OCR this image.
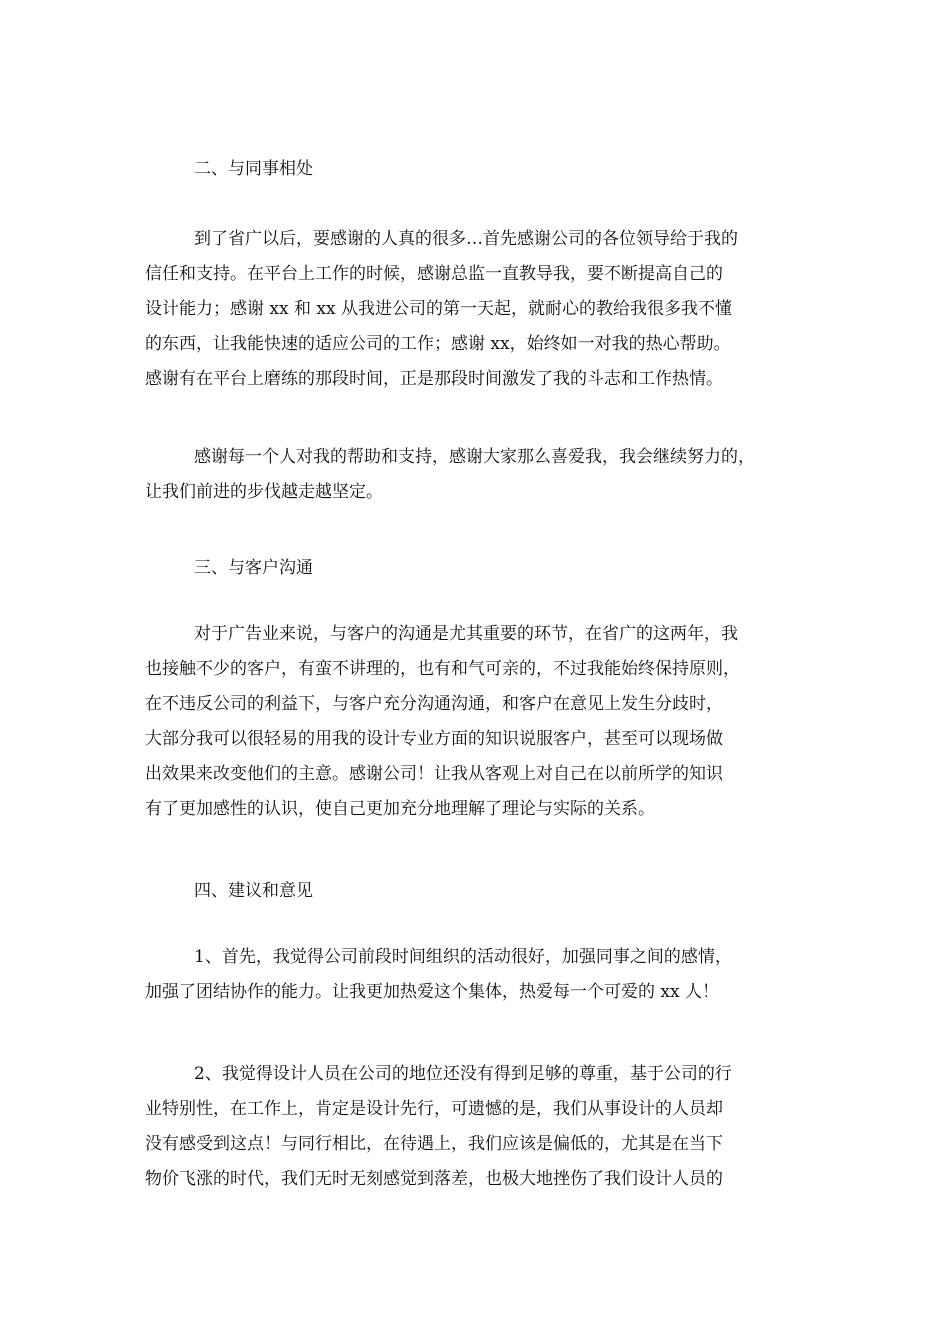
二、与同事相处
到了省广以后，要感谢的人真的很多…首先感谢公司的各位领导给于我的
信任和支持。在平台上工作的时候，感谢总监一直教导我，要不断提高自己的
设计能力；感谢 xx 和 xx 从我进公司的第一天起，就耐心的教给我很多我不懂
的东西，让我能快速的适应公司的工作；感谢 xx，始终如一对我的热心帮助。
感谢有在平台上磨练的那段时间，正是那段时间激发了我的斗志和工作热情。
感谢每一个人对我的帮助和支持，感谢大家那么喜爱我，我会继续努力的，
让我们前进的步伐越走越坚定。
三、与客户沟通
对于广告业来说，与客户的沟通是尤其重要的环节，在省广的这两年，我
也接触不少的客户，有蛮不讲理的，也有和气可亲的，不过我能始终保持原则，
在不违反公司的利益下，与客户充分沟通沟通，和客户在意见上发生分歧时，
大部分我可以很轻易的用我的设计专业方面的知识说服客户，甚至可以现场做
出效果来改变他们的主意。感谢公司！让我从客观上对自己在以前所学的知识
有了更加感性的认识，使自己更加充分地理解了理论与实际的关系。
四、建议和意见
1、首先，我觉得公司前段时间组织的活动很好，加强同事之间的感情，
加强了团结协作的能力。让我更加热爱这个集体，热爱每一个可爱的 xx 人！
2、我觉得设计人员在公司的地位还没有得到足够的尊重，基于公司的行
业特别性，在工作上，肯定是设计先行，可遗憾的是，我们从事设计的人员却
没有感受到这点！与同行相比，在待遇上，我们应该是偏低的，尤其是在当下
物价飞涨的时代，我们无时无刻感觉到落差，也极大地挫伤了我们设计人员的
